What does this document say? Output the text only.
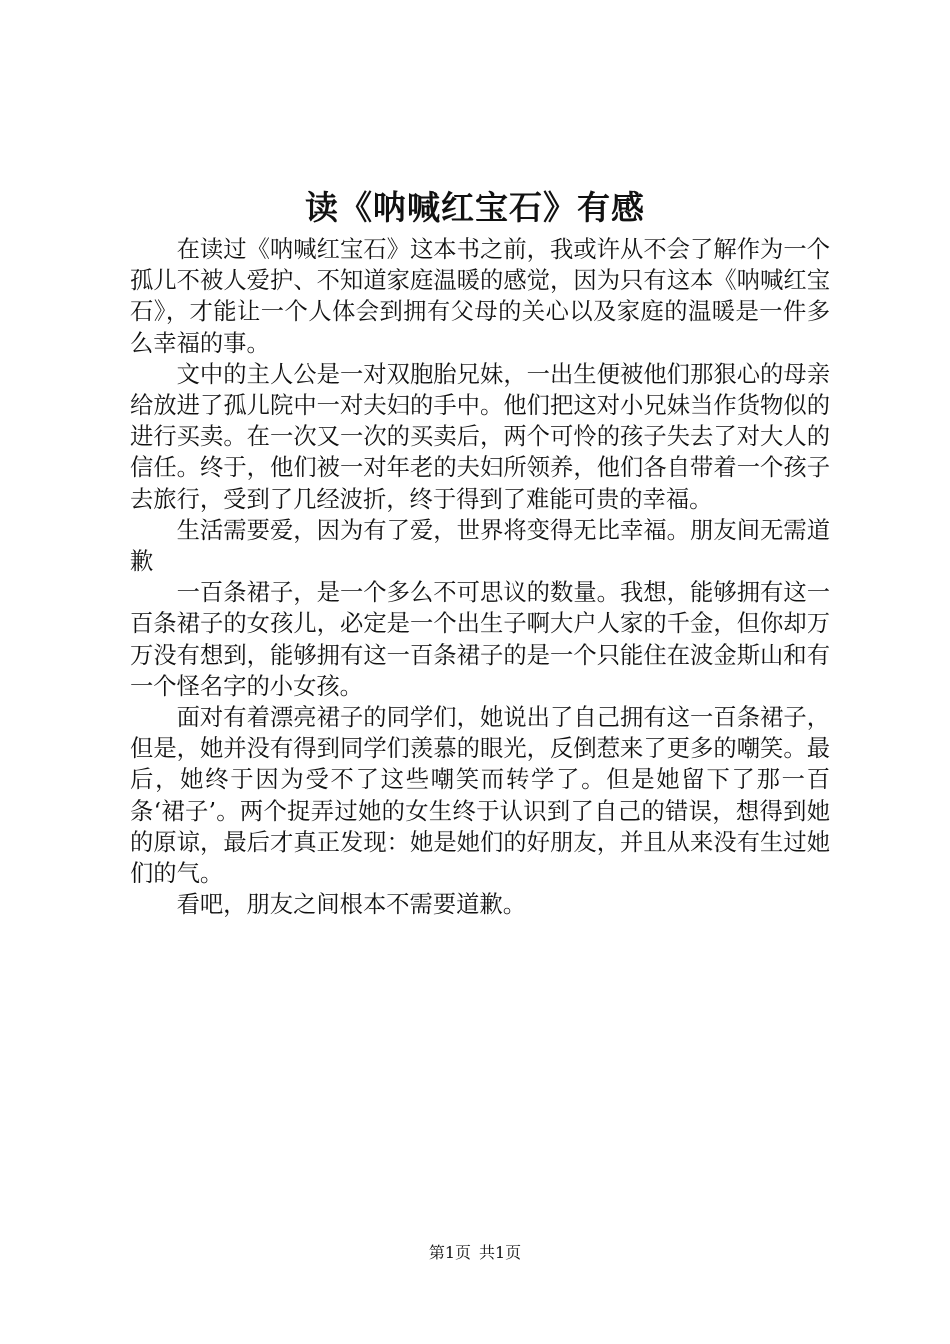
读《呐喊红宝石》有感

在读过《呐喊红宝石》这本书之前，我或许从不会了解作为一个孤儿不被人爱护、不知道家庭温暖的感觉，因为只有这本《呐喊红宝石》，才能让一个人体会到拥有父母的关心以及家庭的温暖是一件多么幸福的事。

文中的主人公是一对双胞胎兄妹，一出生便被他们那狠心的母亲给放进了孤儿院中一对夫妇的手中。他们把这对小兄妹当作货物似的进行买卖。在一次又一次的买卖后，两个可怜的孩子失去了对大人的信任。终于，他们被一对年老的夫妇所领养，他们各自带着一个孩子去旅行，受到了几经波折，终于得到了难能可贵的幸福。

生活需要爱，因为有了爱，世界将变得无比幸福。朋友间无需道歉

一百条裙子，是一个多么不可思议的数量。我想，能够拥有这一百条裙子的女孩儿，必定是一个出生子啊大户人家的千金，但你却万万没有想到，能够拥有这一百条裙子的是一个只能住在波金斯山和有一个怪名字的小女孩。

面对有着漂亮裙子的同学们，她说出了自己拥有这一百条裙子，但是，她并没有得到同学们羡慕的眼光，反倒惹来了更多的嘲笑。最后，她终于因为受不了这些嘲笑而转学了。但是她留下了那一百条‘裙子’。两个捉弄过她的女生终于认识到了自己的错误，想得到她的原谅，最后才真正发现：她是她们的好朋友，并且从来没有生过她们的气。

看吧，朋友之间根本不需要道歉。

第1页 共1页
